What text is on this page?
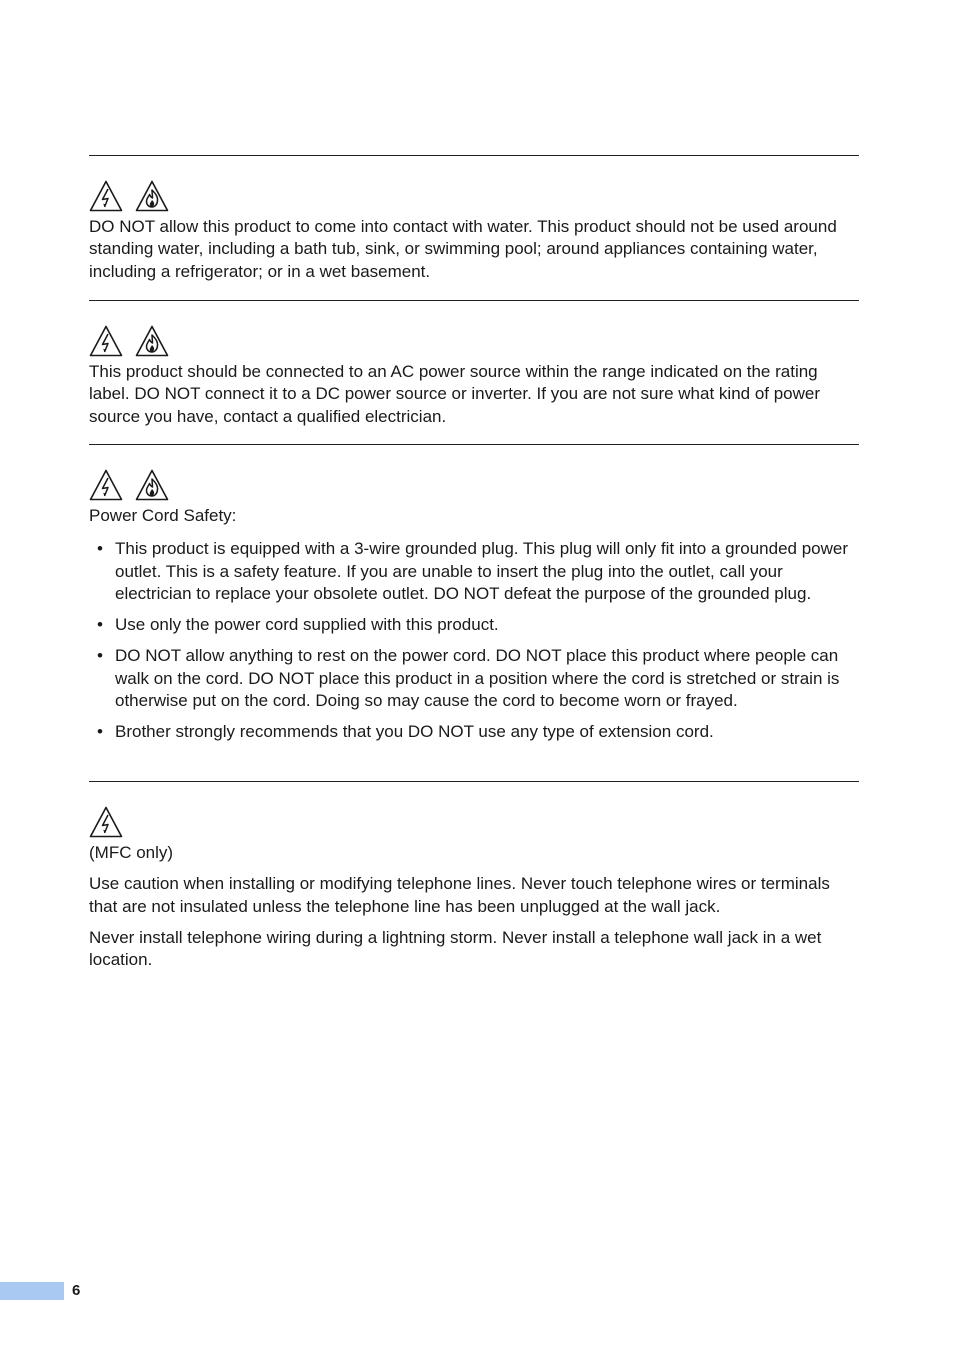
DO NOT allow this product to come into contact with water. This product should not be used around standing water, including a bath tub, sink, or swimming pool; around appliances containing water, including a refrigerator; or in a wet basement.

This product should be connected to an AC power source within the range indicated on the rating label. DO NOT connect it to a DC power source or inverter. If you are not sure what kind of power source you have, contact a qualified electrician.

Power Cord Safety:

• This product is equipped with a 3-wire grounded plug. This plug will only fit into a grounded power outlet. This is a safety feature. If you are unable to insert the plug into the outlet, call your electrician to replace your obsolete outlet. DO NOT defeat the purpose of the grounded plug.
• Use only the power cord supplied with this product.
• DO NOT allow anything to rest on the power cord. DO NOT place this product where people can walk on the cord. DO NOT place this product in a position where the cord is stretched or strain is otherwise put on the cord. Doing so may cause the cord to become worn or frayed.
• Brother strongly recommends that you DO NOT use any type of extension cord.

(MFC only)

Use caution when installing or modifying telephone lines. Never touch telephone wires or terminals that are not insulated unless the telephone line has been unplugged at the wall jack.

Never install telephone wiring during a lightning storm. Never install a telephone wall jack in a wet location.

6
